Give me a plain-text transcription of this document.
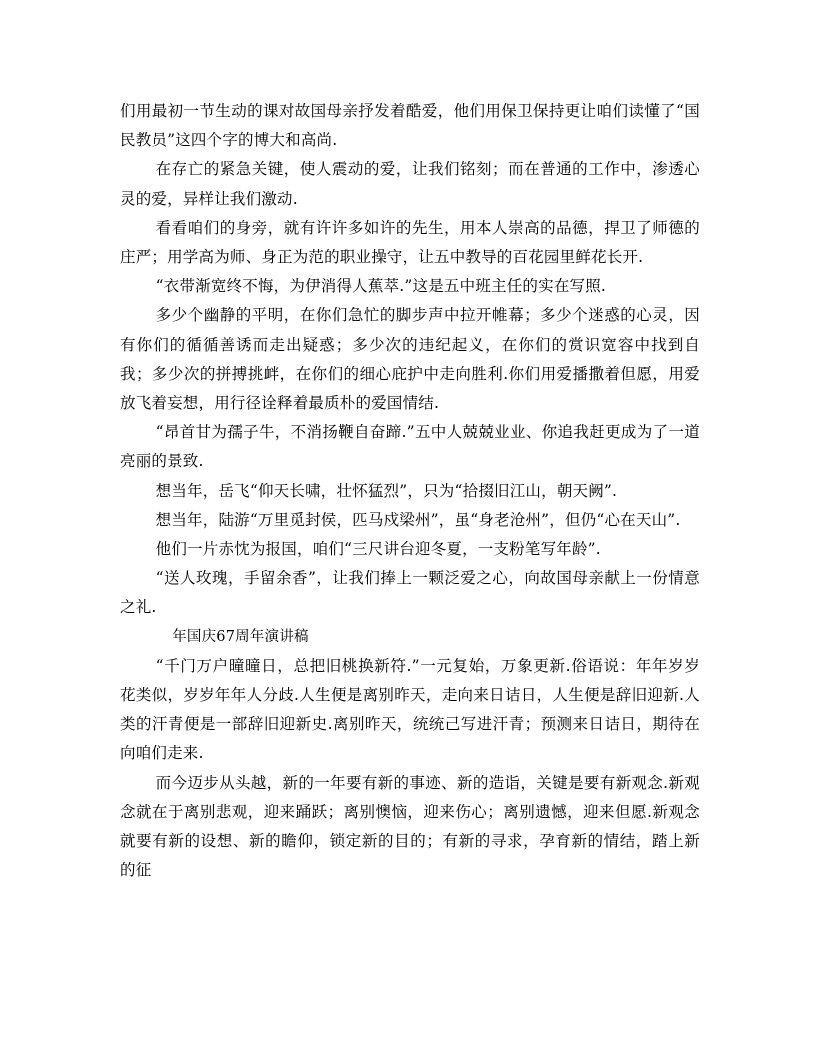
们用最初一节生动的课对故国母亲抒发着酷爱，他们用保卫保持更让咱们读懂了“国民教员”这四个字的博大和高尚.

在存亡的紧急关键，使人震动的爱，让我们铭刻；而在普通的工作中，渗透心灵的爱，异样让我们激动.

看看咱们的身旁，就有许许多如许的先生，用本人崇高的品德，捍卫了师德的庄严；用学高为师、身正为范的职业操守，让五中教导的百花园里鲜花长开.

“衣带渐宽终不悔，为伊消得人蕉萃.”这是五中班主任的实在写照.

多少个幽静的平明，在你们急忙的脚步声中拉开帷幕；多少个迷惑的心灵，因有你们的循循善诱而走出疑惑；多少次的违纪起义，在你们的赏识宽容中找到自我；多少次的拼搏挑衅，在你们的细心庇护中走向胜利.你们用爱播撒着但愿，用爱放飞着妄想，用行径诠释着最质朴的爱国情结.

“昂首甘为孺子牛，不消扬鞭自奋蹄.”五中人兢兢业业、你追我赶更成为了一道亮丽的景致.

想当年，岳飞“仰天长啸，壮怀猛烈”，只为“拾掇旧江山，朝天阙”.

想当年，陆游“万里觅封侯，匹马戍梁州”，虽“身老沧州”，但仍“心在天山”.

他们一片赤忱为报国，咱们“三尺讲台迎冬夏，一支粉笔写年龄”.

“送人玫瑰，手留余香”，让我们捧上一颗泛爱之心，向故国母亲献上一份情意之礼.

年国庆67周年演讲稿

“千门万户曈曈日，总把旧桃换新符.”一元复始，万象更新.俗语说：年年岁岁花类似，岁岁年年人分歧.人生便是离别昨天，走向来日诘日，人生便是辞旧迎新.人类的汗青便是一部辞旧迎新史.离别昨天，统统己写进汗青；预测来日诘日，期待在向咱们走来.

而今迈步从头越，新的一年要有新的事迹、新的造诣，关键是要有新观念.新观念就在于离别悲观，迎来踊跃；离别懊恼，迎来伤心；离别遗憾，迎来但愿.新观念就要有新的设想、新的瞻仰，锁定新的目的；有新的寻求，孕育新的情结，踏上新的征
